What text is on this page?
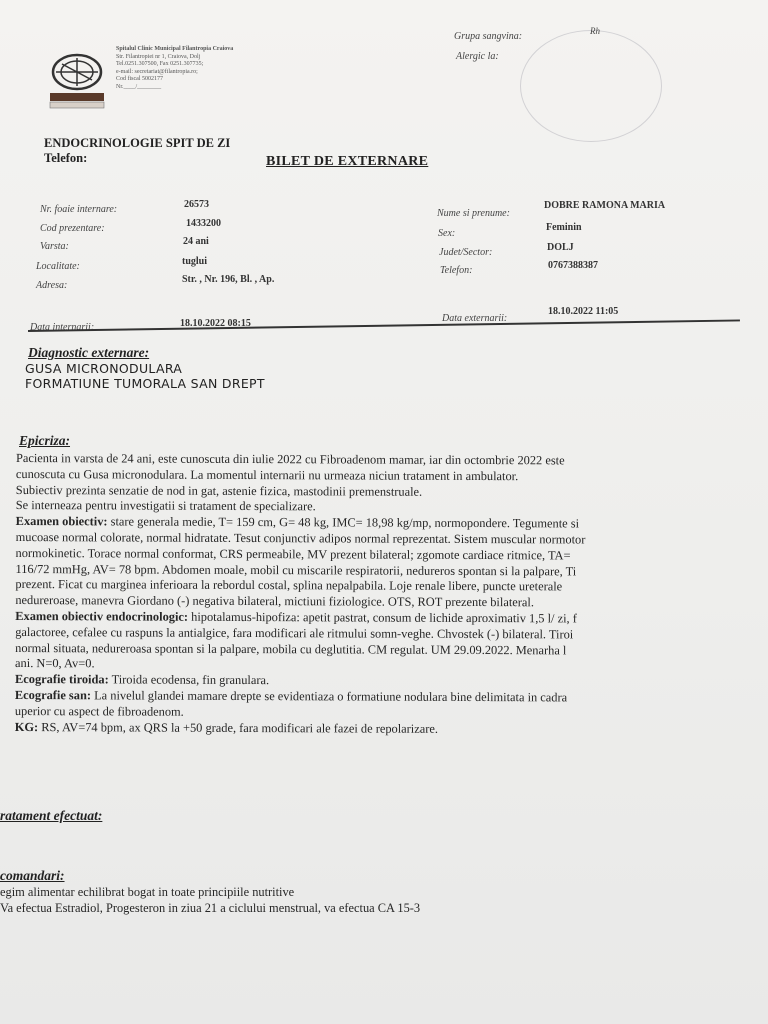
Spitalul Clinic Municipal Filantropia Craiova
Str. Filantropiei nr 1, Craiova, Dolj
Tel.0251.307500, Fax 0251.307735;
e-mail: secretariat@filantropia.ro;
Cod fiscal 5002177
Nr.____/________
Grupa sangvina:	Rh
Alergic la:
ENDOCRINOLOGIE SPIT DE ZI
Telefon:	BILET DE EXTERNARE
Nr. foaie internare:	26573
Cod prezentare:	1433200
Varsta:	24 ani
Localitate:	tuglui
Adresa:
Str. , Nr. 196, Bl. , Ap.
Nume si prenume:
DOBRE RAMONA MARIA
Sex:
Feminin
Judet/Sector:	DOLJ
Telefon:	0767388387
Data internarii:	18.10.2022 08:15	Data externarii:
18.10.2022 11:05
Diagnostic externare:
GUSA MICRONODULARA
FORMATIUNE TUMORALA SAN DREPT
Epicriza:
Pacienta in varsta de 24 ani, este cunoscuta din iulie 2022 cu Fibroadenom mamar, iar din octombrie 2022 este
cunoscuta cu Gusa micronodulara. La momentul internarii nu urmeaza niciun tratament in ambulator.
Subiectiv prezinta senzatie de nod in gat, astenie fizica, mastodinii premenstruale.
Se interneaza pentru investigatii si tratament de specializare.
Examen obiectiv: stare generala medie, T= 159 cm, G= 48 kg, IMC= 18,98 kg/mp, normopondere. Tegumente si
mucoase normal colorate, normal hidratate. Tesut conjunctiv adipos normal reprezentat. Sistem muscular normotor
normokinetic. Torace normal conformat, CRS permeabile, MV prezent bilateral; zgomote cardiace ritmice, TA=
116/72 mmHg, AV= 78 bpm. Abdomen moale, mobil cu miscarile respiratorii, nedureros spontan si la palpare, Ti
prezent. Ficat cu marginea inferioara la rebordul costal, splina nepalpabila. Loje renale libere, puncte ureterale
nedureroase, manevra Giordano (-) negativa bilateral, mictiuni fiziologice. OTS, ROT prezente bilateral.
Examen obiectiv endocrinologic: hipotalamus-hipofiza: apetit pastrat, consum de lichide aproximativ 1,5 l/ zi, f
galactoree, cefalee cu raspuns la antialgice, fara modificari ale ritmului somn-veghe. Chvostek (-) bilateral. Tiroi
normal situata, nedureroasa spontan si la palpare, mobila cu deglutitia. CM regulat. UM 29.09.2022. Menarha l
ani. N=0, Av=0.
Ecografie tiroida: Tiroida ecodensa, fin granulara.
Ecografie san: La nivelul glandei mamare drepte se evidentiaza o formatiune nodulara bine delimitata in cadra
uperior cu aspect de fibroadenom.
KG: RS, AV=74 bpm, ax QRS la +50 grade, fara modificari ale fazei de repolarizare.
ratament efectuat:
comandari:
egim alimentar echilibrat bogat in toate principiile nutritive
Va efectua Estradiol, Progesteron in ziua 21 a ciclului menstrual, va efectua CA 15-3
